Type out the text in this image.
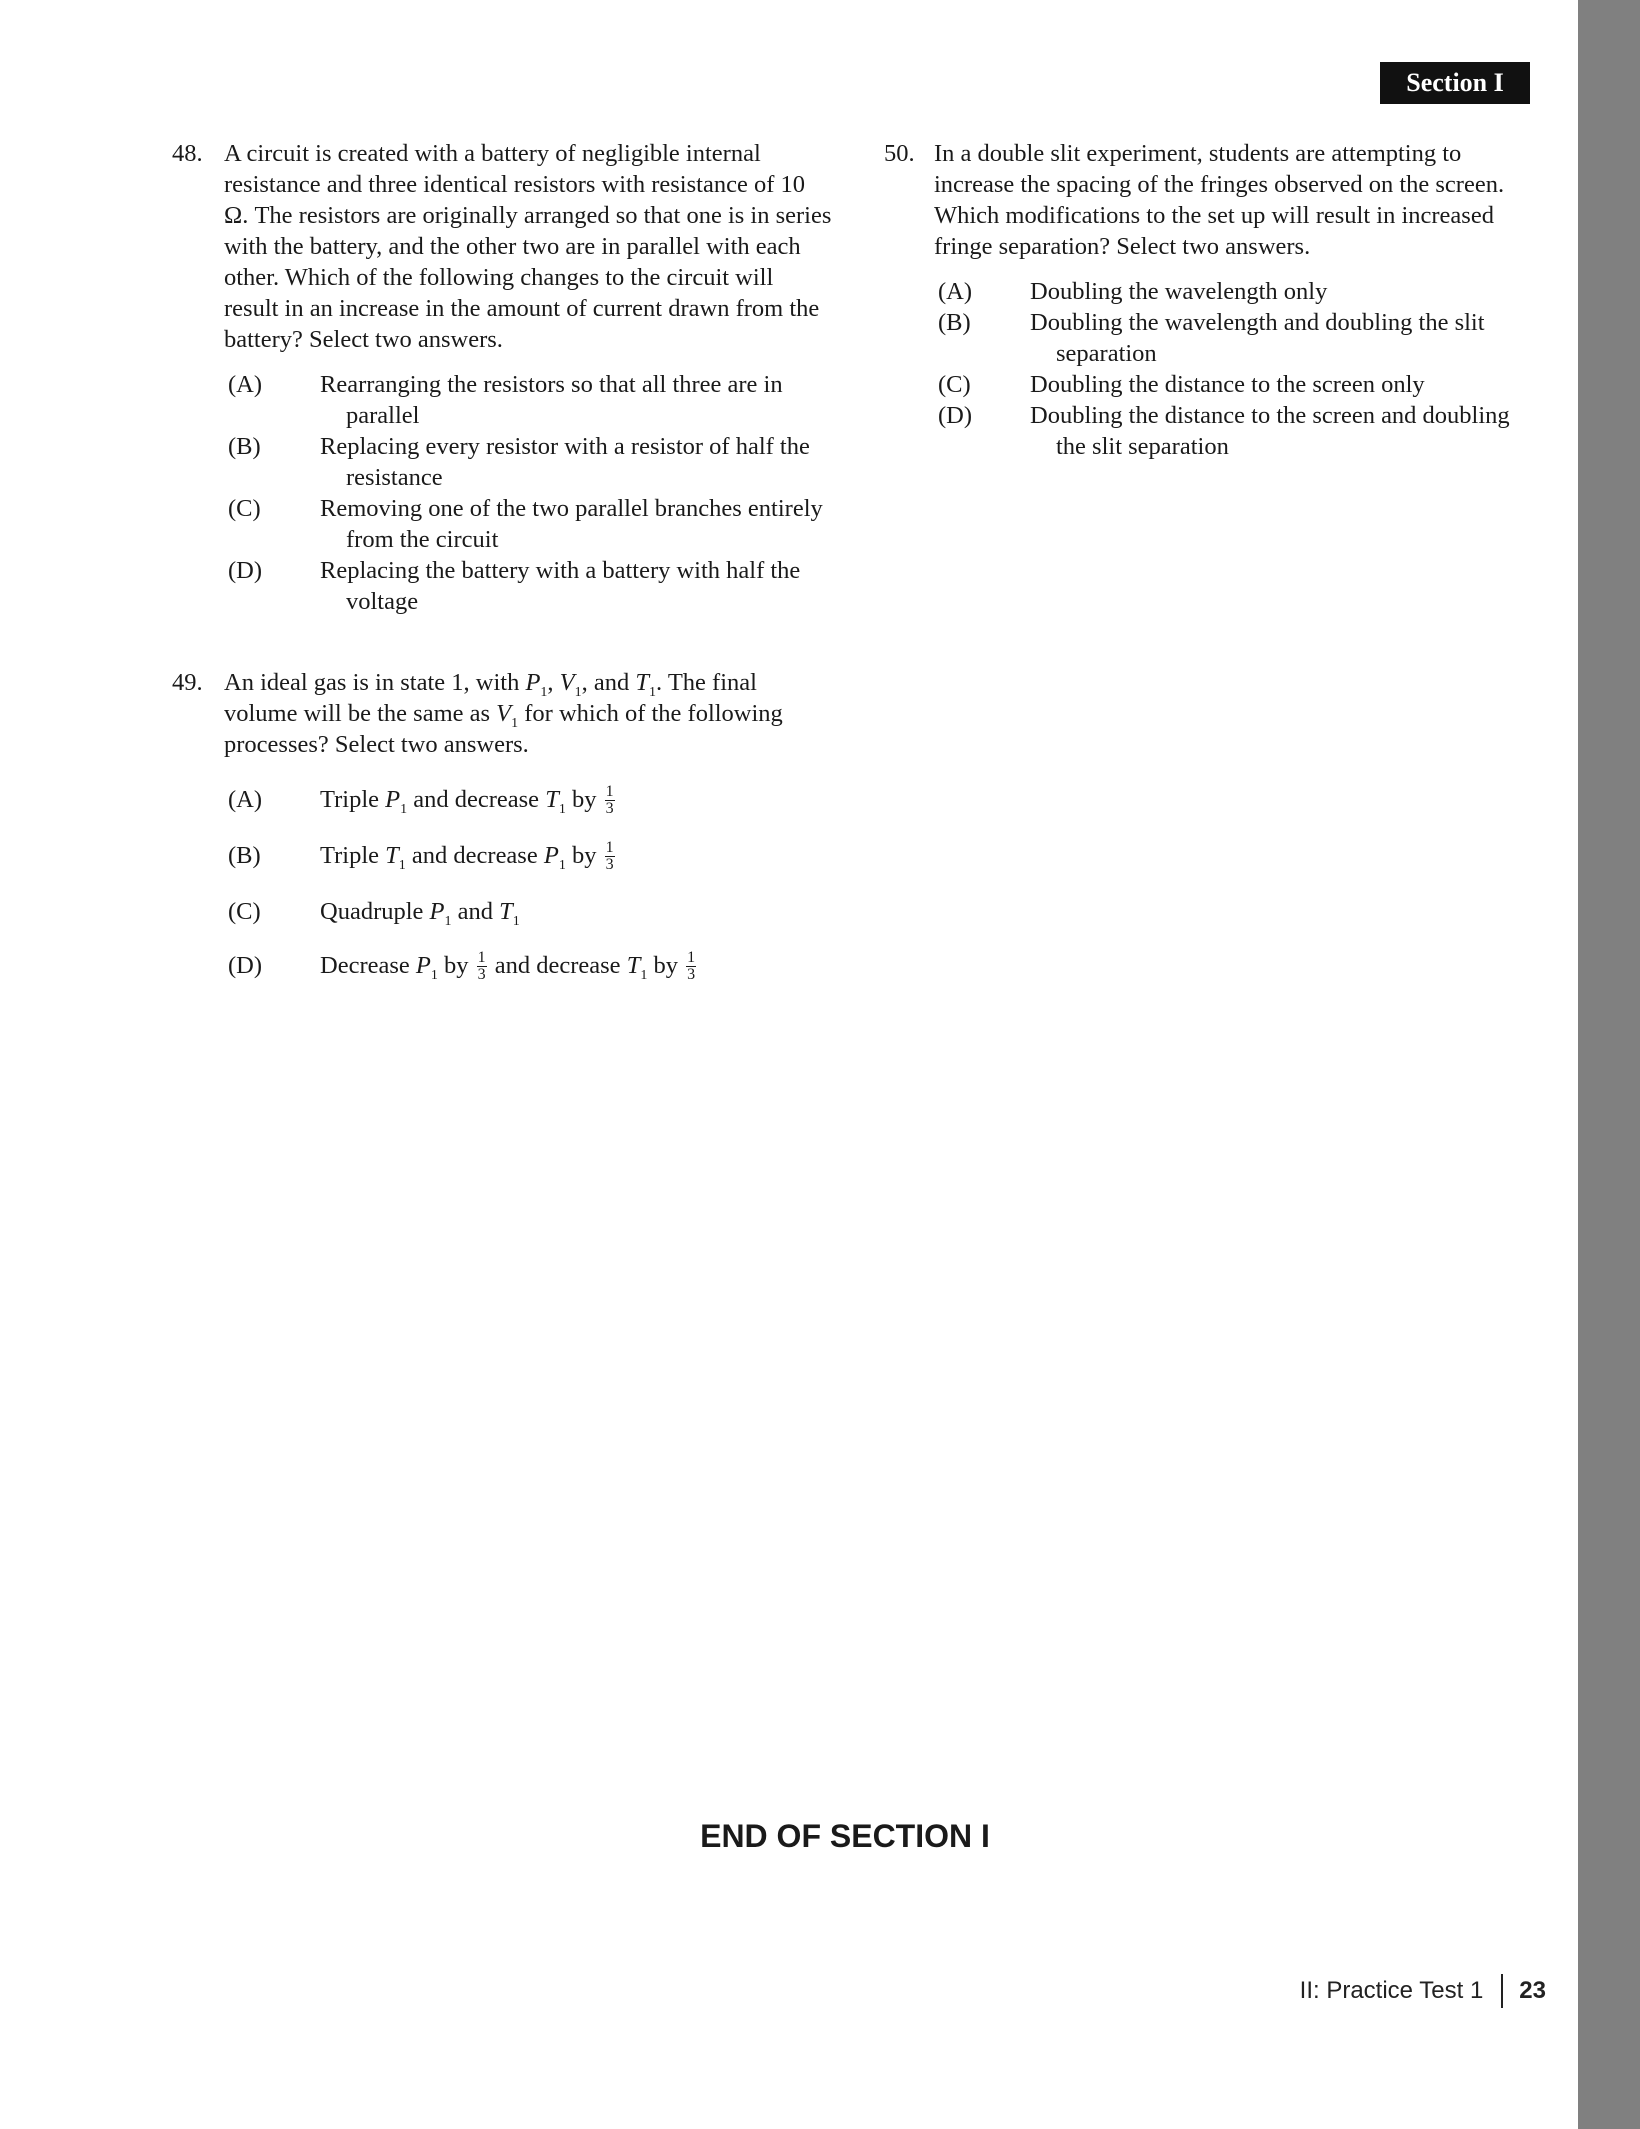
Section I
48. A circuit is created with a battery of negligible internal resistance and three identical resistors with resistance of 10 Ω. The resistors are originally arranged so that one is in series with the battery, and the other two are in parallel with each other. Which of the following changes to the circuit will result in an increase in the amount of current drawn from the battery? Select two answers.

(A) Rearranging the resistors so that all three are in
parallel
(B) Replacing every resistor with a resistor of half the
resistance
(C) Removing one of the two parallel branches entirely
from the circuit
(D) Replacing the battery with a battery with half the
voltage
49. An ideal gas is in state 1, with $P_1$, $V_1$, and $T_1$. The final volume will be the same as $V_1$ for which of the following processes? Select two answers.

(A) Triple $P_1$ and decrease $T_1$ by $\frac{1}{3}$
(B) Triple $T_1$ and decrease $P_1$ by $\frac{1}{3}$
(C) Quadruple $P_1$ and $T_1$
(D) Decrease $P_1$ by $\frac{1}{3}$ and decrease $T_1$ by $\frac{1}{3}$
50. In a double slit experiment, students are attempting to increase the spacing of the fringes observed on the screen. Which modifications to the set up will result in increased fringe separation? Select two answers.

(A) Doubling the wavelength only
(B) Doubling the wavelength and doubling the slit
separation
(C) Doubling the distance to the screen only
(D) Doubling the distance to the screen and doubling
the slit separation
END OF SECTION I
II: Practice Test 1 23
